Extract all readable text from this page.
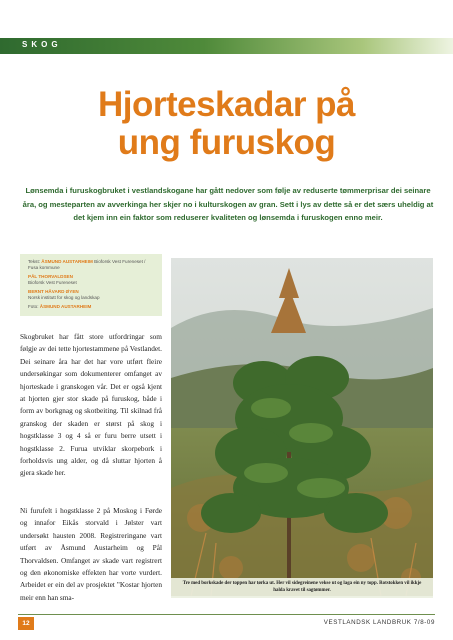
SKOG
Hjorteskadar på
ung furuskog
Lønsemda i furuskogbruket i vestlandskogane har gått nedover som følje av reduserte tømmerprisar dei seinare åra, og mesteparten av avverkinga her skjer no i kulturskogen av gran. Sett i lys av dette så er det særs uheldig at det kjem inn ein faktor som reduserer kvaliteten og lønsemda i furuskogen enno meir.
Tekst: ÅSMUND AUSTARHEIM Bioforsk Vest Fureneset / Fusa kommune
PÅL THORVALDSEN
Bioforsk Vest Fureneset
BERNT HÅVARD ØYEN
Norsk institutt for skog og landskap
Foto: ÅSMUND AUSTARHEIM
Skogbruket har fått store utfordringar som følgje av dei tette hjortestammene på Vestlandet. Dei seinare åra har det har vore utført fleire undersøkingar som dokumenterer omfanget av hjorteskade i granskogen vår. Det er også kjent at hjorten gjer stor skade på furuskog, både i form av borkgnag og skotbeiting. Til skilnad frå granskog der skaden er størst på skog i hogstklasse 3 og 4 så er furu berre utsett i hogstklasse 2. Furua utviklar skorpebork i forholdsvis ung alder, og då sluttar hjorten å gjera skade her.
Ni furufelt i hogstklasse 2 på Moskog i Førde og innafor Eikås storvald i Jølster vart undersøkt hausten 2008. Registreringane vart utført av Åsmund Austarheim og Pål Thorvaldsen. Omfanget av skade vart registrert og den økonomiske effekten har vorte vurdert. Arbeidet er ein del av prosjektet "Kostar hjorten meir enn han sma-
Tre med borkskade der toppen har tørka ut. Her vil sidegreinene vekse ut og laga ein ny topp. Rotstokken vil ikkje halda kravet til sagtømmer.
12	VESTLANDSK LANDBRUK 7/8-09
